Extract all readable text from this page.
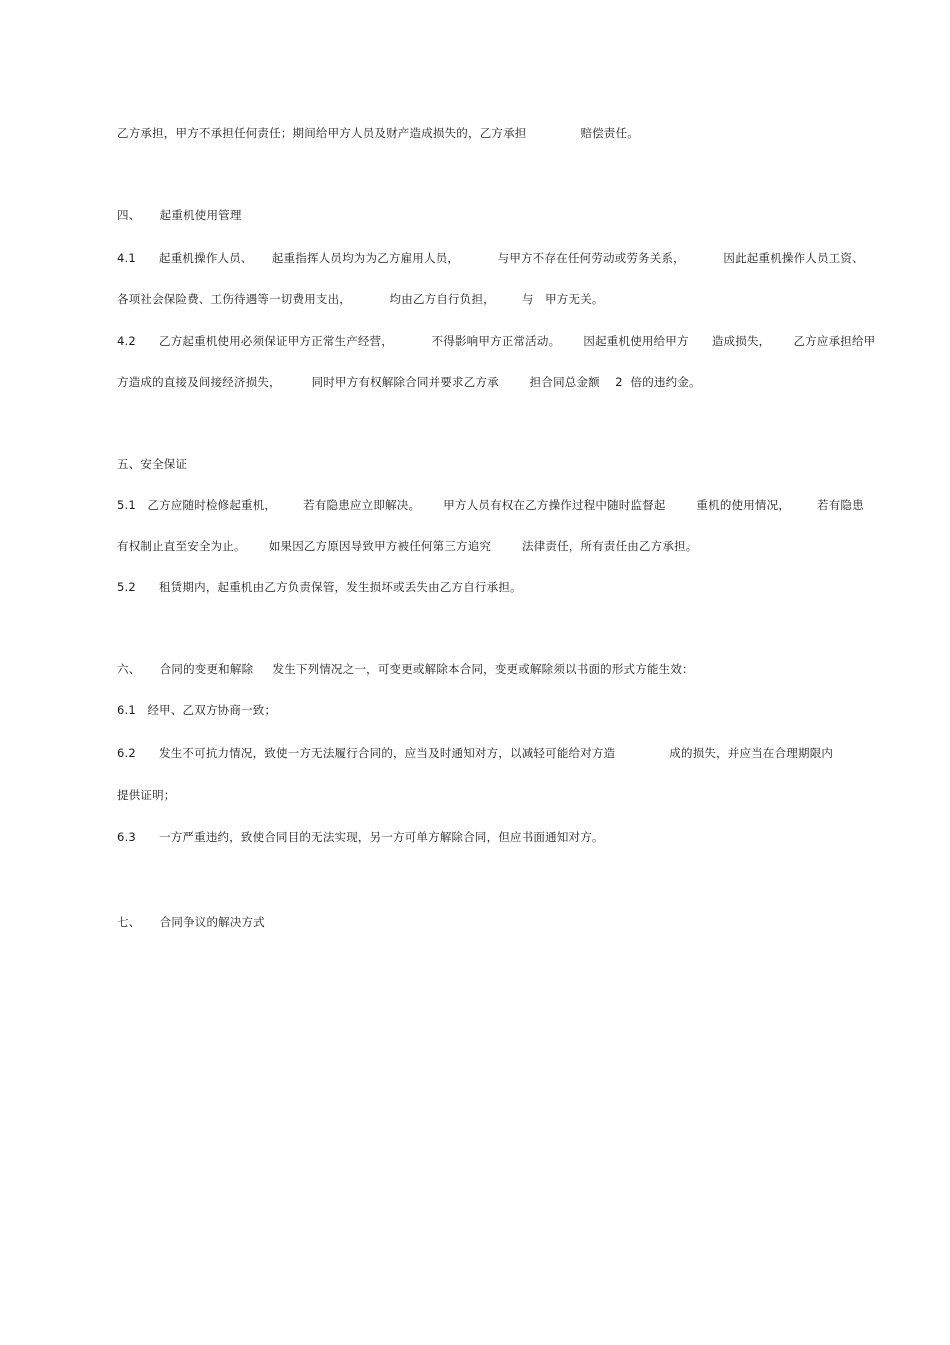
乙方承担，甲方不承担任何责任；期间给甲方人员及财产造成损失的，乙方承担              赔偿责任。
四、     起重机使用管理
4.1      起重机操作人员、     起重指挥人员均为为乙方雇用人员，          与甲方不存在任何劳动或劳务关系，          因此起重机操作人员工资、
各项社会保险费、工伤待遇等一切费用支出，          均由乙方自行负担，       与   甲方无关。
4.2      乙方起重机使用必须保证甲方正常生产经营，          不得影响甲方正常活动。      因起重机使用给甲方      造成损失，      乙方应承担给甲
方造成的直接及间接经济损失，        同时甲方有权解除合同并要求乙方承        担合同总金额    2  倍的违约金。
五、安全保证
5.1   乙方应随时检修起重机，       若有隐患应立即解决。      甲方人员有权在乙方操作过程中随时监督起        重机的使用情况，       若有隐患
有权制止直至安全为止。      如果因乙方原因导致甲方被任何第三方追究        法律责任，所有责任由乙方承担。
5.2      租赁期内，起重机由乙方负责保管，发生损坏或丢失由乙方自行承担。
六、     合同的变更和解除     发生下列情况之一，可变更或解除本合同，变更或解除须以书面的形式方能生效：
6.1   经甲、乙双方协商一致；
6.2      发生不可抗力情况，致使一方无法履行合同的，应当及时通知对方，以减轻可能给对方造              成的损失，并应当在合理期限内
提供证明；
6.3      一方严重违约，致使合同目的无法实现，另一方可单方解除合同，但应书面通知对方。
七、     合同争议的解决方式
